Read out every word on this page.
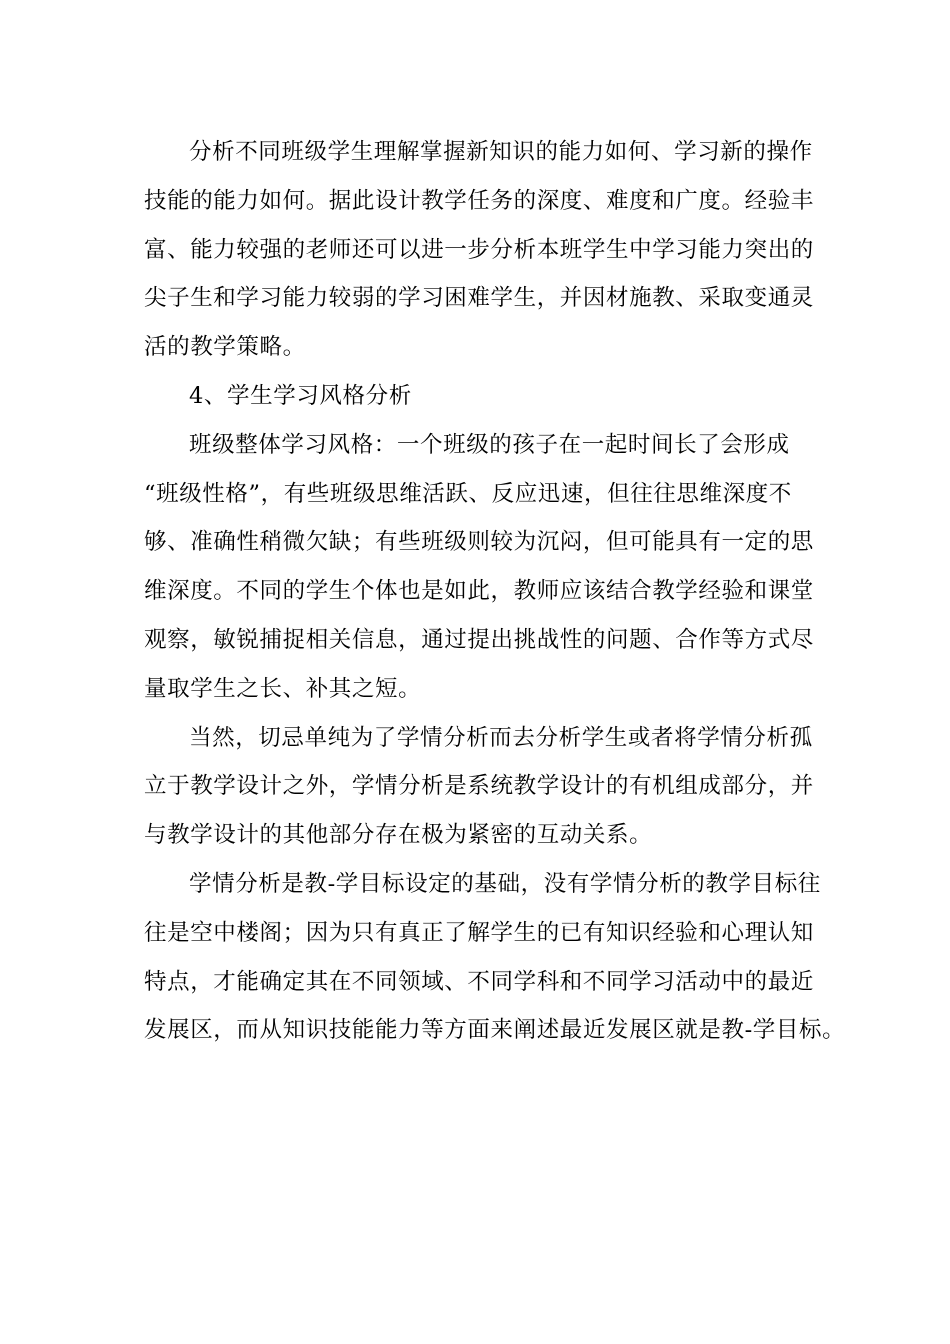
分析不同班级学生理解掌握新知识的能力如何、学习新的操作
技能的能力如何。据此设计教学任务的深度、难度和广度。经验丰
富、能力较强的老师还可以进一步分析本班学生中学习能力突出的
尖子生和学习能力较弱的学习困难学生，并因材施教、采取变通灵
活的教学策略。
4、学生学习风格分析
班级整体学习风格：一个班级的孩子在一起时间长了会形成
“班级性格”，有些班级思维活跃、反应迅速，但往往思维深度不
够、准确性稍微欠缺；有些班级则较为沉闷，但可能具有一定的思
维深度。不同的学生个体也是如此，教师应该结合教学经验和课堂
观察，敏锐捕捉相关信息，通过提出挑战性的问题、合作等方式尽
量取学生之长、补其之短。
当然，切忌单纯为了学情分析而去分析学生或者将学情分析孤
立于教学设计之外，学情分析是系统教学设计的有机组成部分，并
与教学设计的其他部分存在极为紧密的互动关系。
学情分析是教-学目标设定的基础，没有学情分析的教学目标往
往是空中楼阁；因为只有真正了解学生的已有知识经验和心理认知
特点，才能确定其在不同领域、不同学科和不同学习活动中的最近
发展区，而从知识技能能力等方面来阐述最近发展区就是教-学目标。
